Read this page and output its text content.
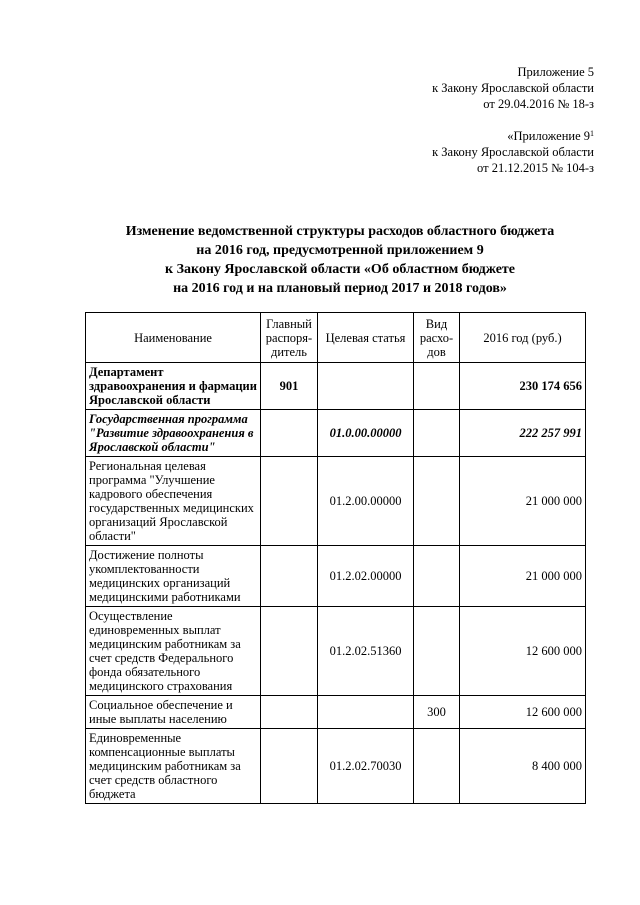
Приложение 5
к Закону Ярославской области
от 29.04.2016 № 18-з
«Приложение $9^1$
к Закону Ярославской области
от 21.12.2015 № 104-з
Изменение ведомственной структуры расходов областного бюджета
на 2016 год, предусмотренной приложением 9
к Закону Ярославской области «Об областном бюджете
на 2016 год и на плановый период 2017 и 2018 годов»
Наименование	Главный распоря-дитель	Целевая статья	Вид расхо-дов	2016 год (руб.)
Департамент здравоохранения и фармации Ярославской области	901			230 174 656
Государственная программа "Развитие здравоохранения в Ярославской области"		01.0.00.00000		222 257 991
Региональная целевая программа "Улучшение кадрового обеспечения государственных медицинских организаций Ярославской области"		01.2.00.00000		21 000 000
Достижение полноты укомплектованности медицинских организаций медицинскими работниками		01.2.02.00000		21 000 000
Осуществление единовременных выплат медицинским работникам за счет средств Федерального фонда обязательного медицинского страхования		01.2.02.51360		12 600 000
Социальное обеспечение и иные выплаты населению			300	12 600 000
Единовременные компенсационные выплаты медицинским работникам за счет средств областного бюджета		01.2.02.70030		8 400 000
